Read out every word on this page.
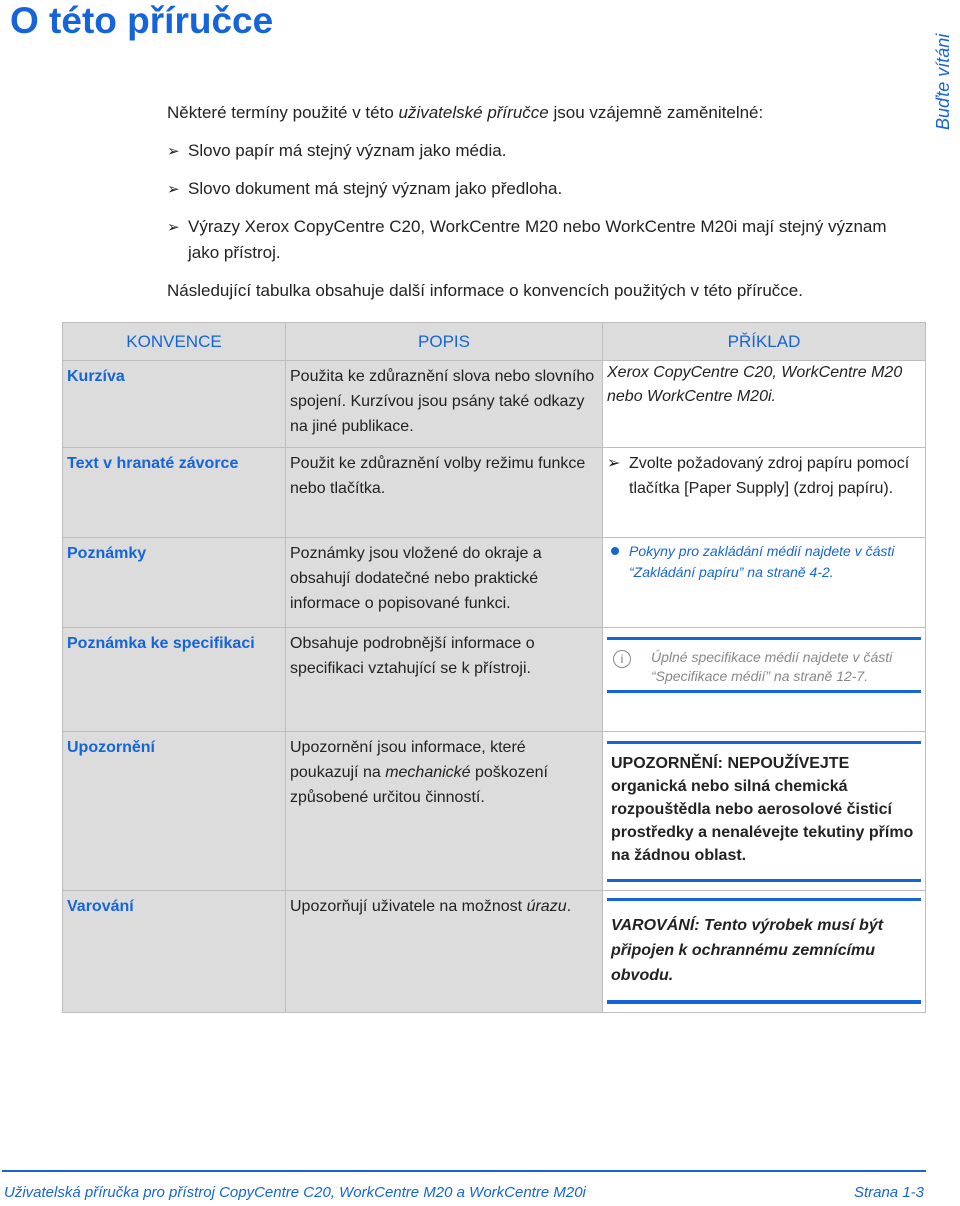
O této příručce
Buďte vítáni

Některé termíny použité v této uživatelské příručce jsou vzájemně zaměnitelné:

➢ Slovo papír má stejný význam jako média.
➢ Slovo dokument má stejný význam jako předloha.
➢ Výrazy Xerox CopyCentre C20, WorkCentre M20 nebo WorkCentre M20i mají stejný význam jako přístroj.

Následující tabulka obsahuje další informace o konvencích použitých v této příručce.

KONVENCE	POPIS	PŘÍKLAD
Kurzíva	Použita ke zdůraznění slova nebo slovního spojení. Kurzívou jsou psány také odkazy na jiné publikace.	Xerox CopyCentre C20, WorkCentre M20 nebo WorkCentre M20i.

Text v hranaté závorce	Použit ke zdůraznění volby režimu funkce nebo tlačítka.	➢ Zvolte požadovaný zdroj papíru pomocí tlačítka [Paper Supply] (zdroj papíru).

Poznámky	Poznámky jsou vložené do okraje a obsahují dodatečné nebo praktické informace o popisované funkci.	Pokyny pro zakládání médií najdete v části “Zakládání papíru” na straně 4-2.

Poznámka ke specifikaci	Obsahuje podrobnější informace o specifikaci vztahující se k přístroji.	i Úplné specifikace médií najdete v části “Specifikace médií” na straně 12-7.

Upozornění	Upozornění jsou informace, které poukazují na mechanické poškození způsobené určitou činností.	UPOZORNĚNÍ: NEPOUŽÍVEJTE organická nebo silná chemická rozpouštědla nebo aerosolové čisticí prostředky a nenalévejte tekutiny přímo na žádnou oblast.

Varování	Upozorňují uživatele na možnost úrazu.	VAROVÁNÍ: Tento výrobek musí být připojen k ochrannému zemnícímu obvodu.
Uživatelská příručka pro přístroj CopyCentre C20, WorkCentre M20 a WorkCentre M20i	Strana 1-3
